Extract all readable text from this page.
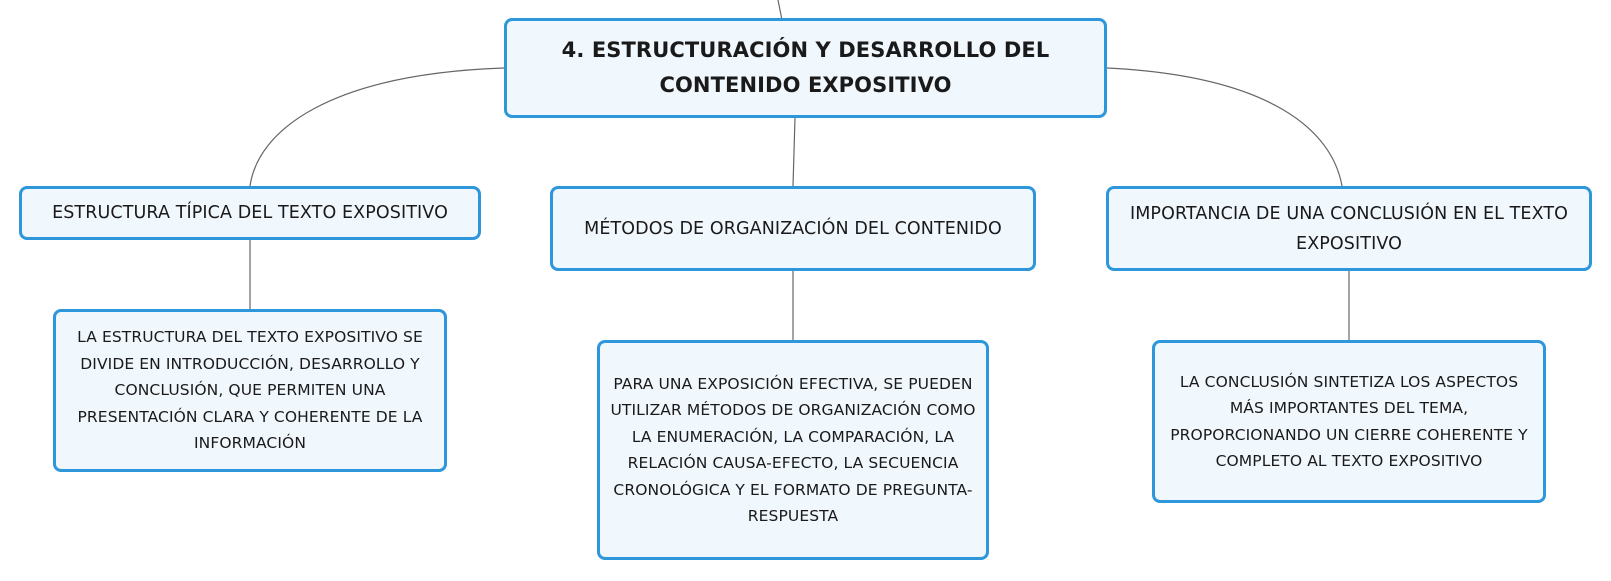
4. ESTRUCTURACIÓN Y DESARROLLO DEL CONTENIDO EXPOSITIVO
ESTRUCTURA TÍPICA DEL TEXTO EXPOSITIVO
MÉTODOS DE ORGANIZACIÓN DEL CONTENIDO
IMPORTANCIA DE UNA CONCLUSIÓN EN EL TEXTO EXPOSITIVO
LA ESTRUCTURA DEL TEXTO EXPOSITIVO SE DIVIDE EN INTRODUCCIÓN, DESARROLLO Y CONCLUSIÓN, QUE PERMITEN UNA PRESENTACIÓN CLARA Y COHERENTE DE LA INFORMACIÓN
PARA UNA EXPOSICIÓN EFECTIVA, SE PUEDEN UTILIZAR MÉTODOS DE ORGANIZACIÓN COMO LA ENUMERACIÓN, LA COMPARACIÓN, LA RELACIÓN CAUSA-EFECTO, LA SECUENCIA CRONOLÓGICA Y EL FORMATO DE PREGUNTA-RESPUESTA
LA CONCLUSIÓN SINTETIZA LOS ASPECTOS MÁS IMPORTANTES DEL TEMA, PROPORCIONANDO UN CIERRE COHERENTE Y COMPLETO AL TEXTO EXPOSITIVO
